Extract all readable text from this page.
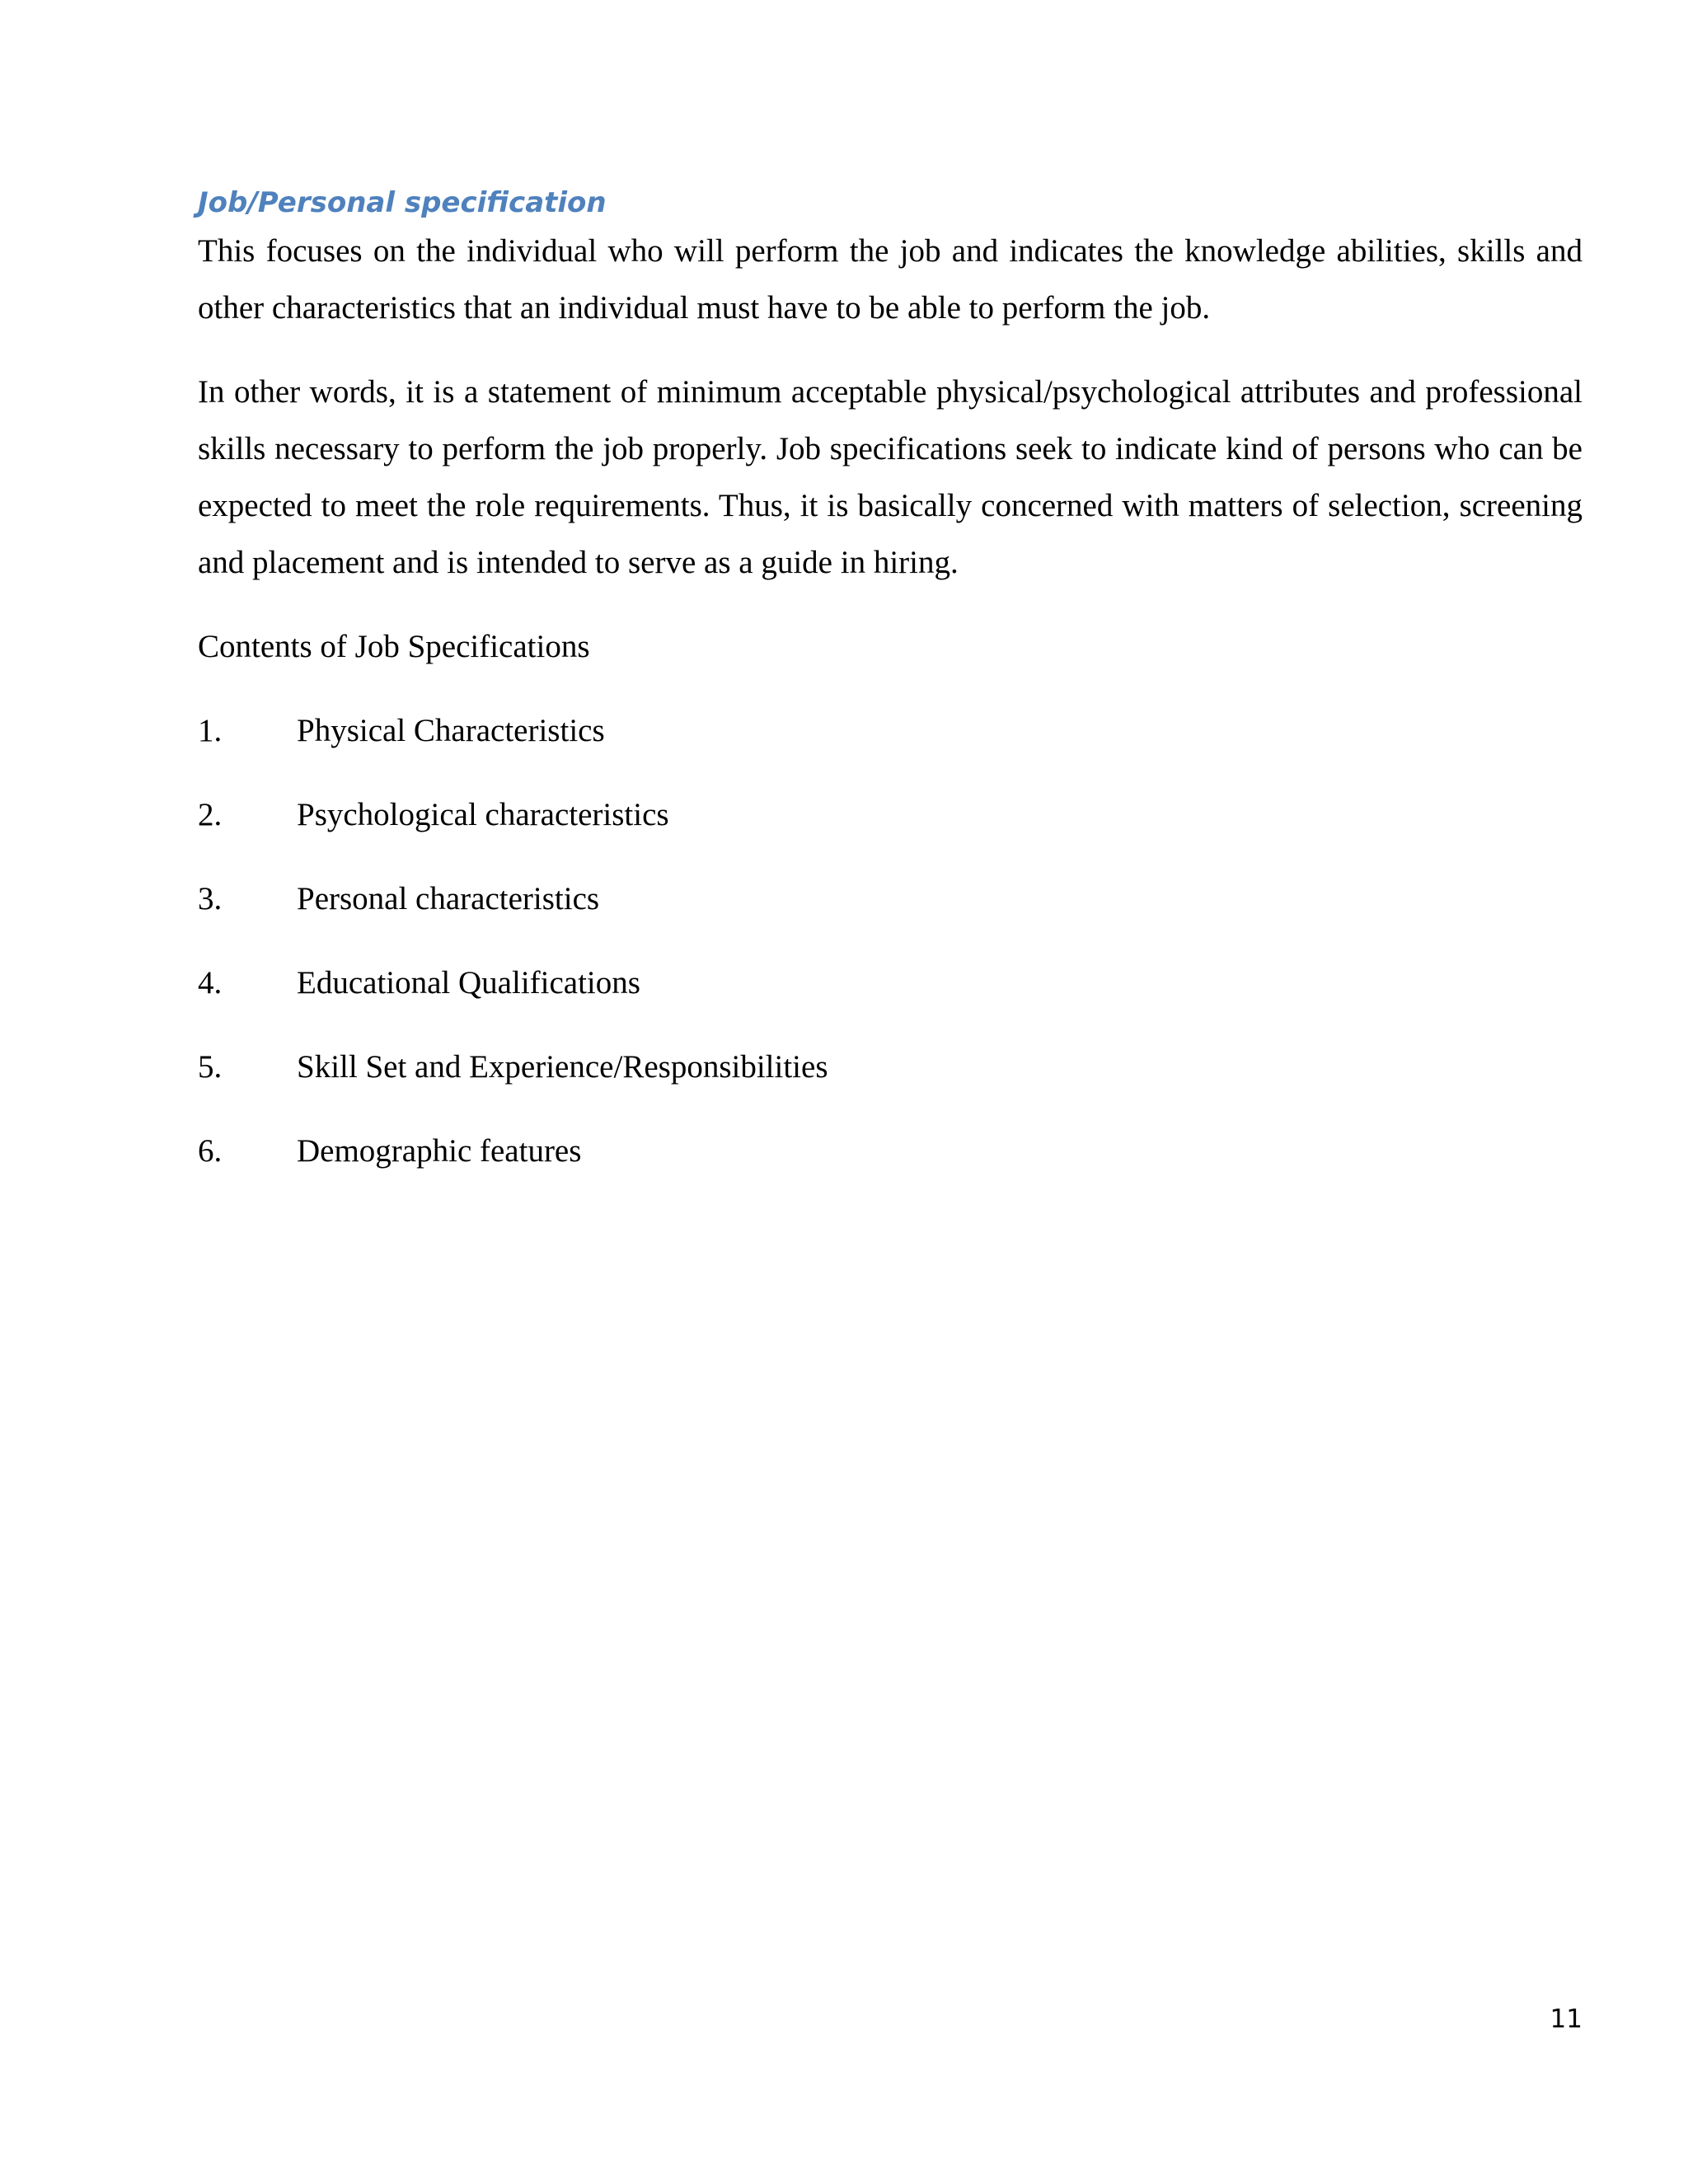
Job/Personal specification

This focuses on the individual who will perform the job and indicates the knowledge abilities, skills and other characteristics that an individual must have to be able to perform the job.

In other words, it is a statement of minimum acceptable physical/psychological attributes and professional skills necessary to perform the job properly. Job specifications seek to indicate kind of persons who can be expected to meet the role requirements. Thus, it is basically concerned with matters of selection, screening and placement and is intended to serve as a guide in hiring.

Contents of Job Specifications

1.	Physical Characteristics
2.	Psychological characteristics
3.	Personal characteristics
4.	Educational Qualifications
5.	Skill Set and Experience/Responsibilities
6.	Demographic features
11
